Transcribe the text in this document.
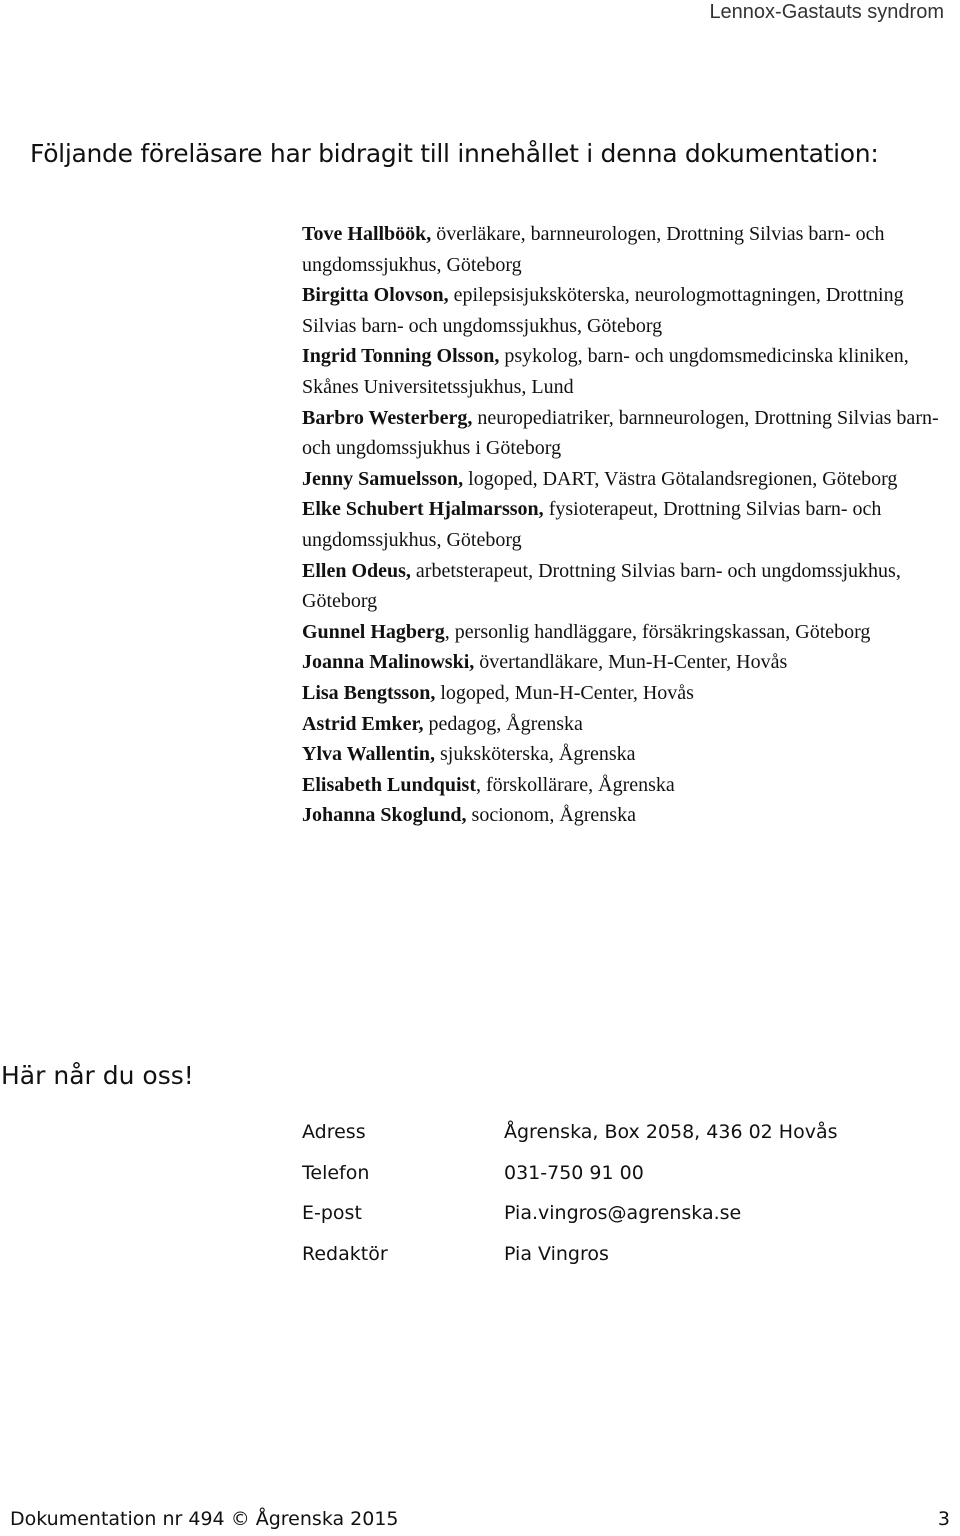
Lennox-Gastauts syndrom
Följande föreläsare har bidragit till innehållet i denna dokumentation:
Tove Hallböök, överläkare, barnneurologen, Drottning Silvias barn- och ungdomssjukhus, Göteborg
Birgitta Olovson, epilepsisjuksköterska, neurologmottagningen, Drottning Silvias barn- och ungdomssjukhus, Göteborg
Ingrid Tonning Olsson, psykolog, barn- och ungdomsmedicinska kliniken, Skånes Universitetssjukhus, Lund
Barbro Westerberg, neuropediatriker, barnneurologen, Drottning Silvias barn- och ungdomssjukhus i Göteborg
Jenny Samuelsson, logoped, DART, Västra Götalandsregionen, Göteborg
Elke Schubert Hjalmarsson, fysioterapeut, Drottning Silvias barn- och ungdomssjukhus, Göteborg
Ellen Odeus, arbetsterapeut, Drottning Silvias barn- och ungdomssjukhus, Göteborg
Gunnel Hagberg, personlig handläggare, försäkringskassan, Göteborg
Joanna Malinowski, övertandläkare, Mun-H-Center, Hovås
Lisa Bengtsson, logoped, Mun-H-Center, Hovås
Astrid Emker, pedagog, Ågrenska
Ylva Wallentin, sjuksköterska, Ågrenska
Elisabeth Lundquist, förskollärare, Ågrenska
Johanna Skoglund, socionom, Ågrenska
Här når du oss!
Adress	Ågrenska, Box 2058, 436 02 Hovås
Telefon	031-750 91 00
E-post	Pia.vingros@agrenska.se
Redaktör	Pia Vingros
Dokumentation nr 494 © Ågrenska 2015	3
